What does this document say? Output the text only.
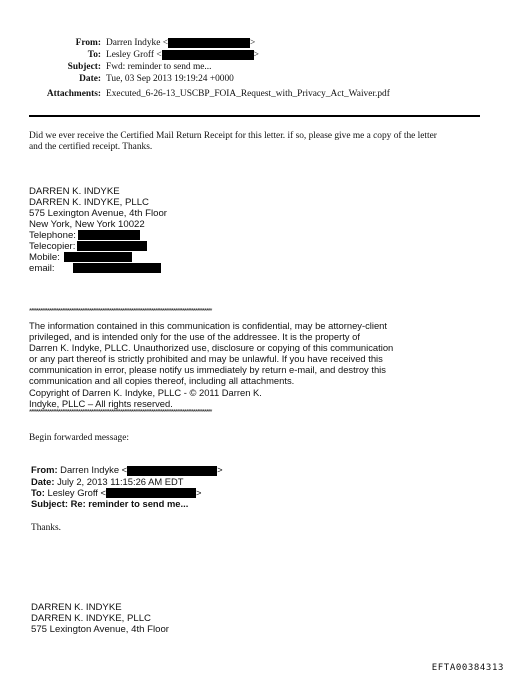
From: Darren Indyke <	>
To: Lesley Groff <	>
Subject: Fwd: reminder to send me...
Date: Tue, 03 Sep 2013 19:19:24 +0000
Attachments: Executed_6-26-13_USCBP_FOIA_Request_with_Privacy_Act_Waiver.pdf

Did we ever receive the Certified Mail Return Receipt for this letter. if so, please give me a copy of the letter

and the certified receipt. Thanks.

DARREN K. INDYKE
DARREN K. INDYKE, PLLC
575 Lexington Avenue, 4th Floor
New York, New York 10022
Telephone:
Telecopier:
Mobile:
email:
****************************************************************************************************
The information contained in this communication is confidential, may be attorney-client
privileged, and is intended only for the use of the addressee. It is the property of
Darren K. Indyke, PLLC. Unauthorized use, disclosure or copying of this communication
or any part thereof is strictly prohibited and may be unlawful. If you have received this
communication in error, please notify us immediately by return e-mail, and destroy this
communication and all copies thereof, including all attachments.
Copyright of Darren K. Indyke, PLLC - © 2011 Darren K.
Indyke, PLLC – All rights reserved.
****************************************************************************************************

Begin forwarded message:

From: Darren Indyke <	>
Date: July 2, 2013 11:15:26 AM EDT
To: Lesley Groff <	>
Subject: Re: reminder to send me...

Thanks.

DARREN K. INDYKE
DARREN K. INDYKE, PLLC
575 Lexington Avenue, 4th Floor
EFTA00384313
